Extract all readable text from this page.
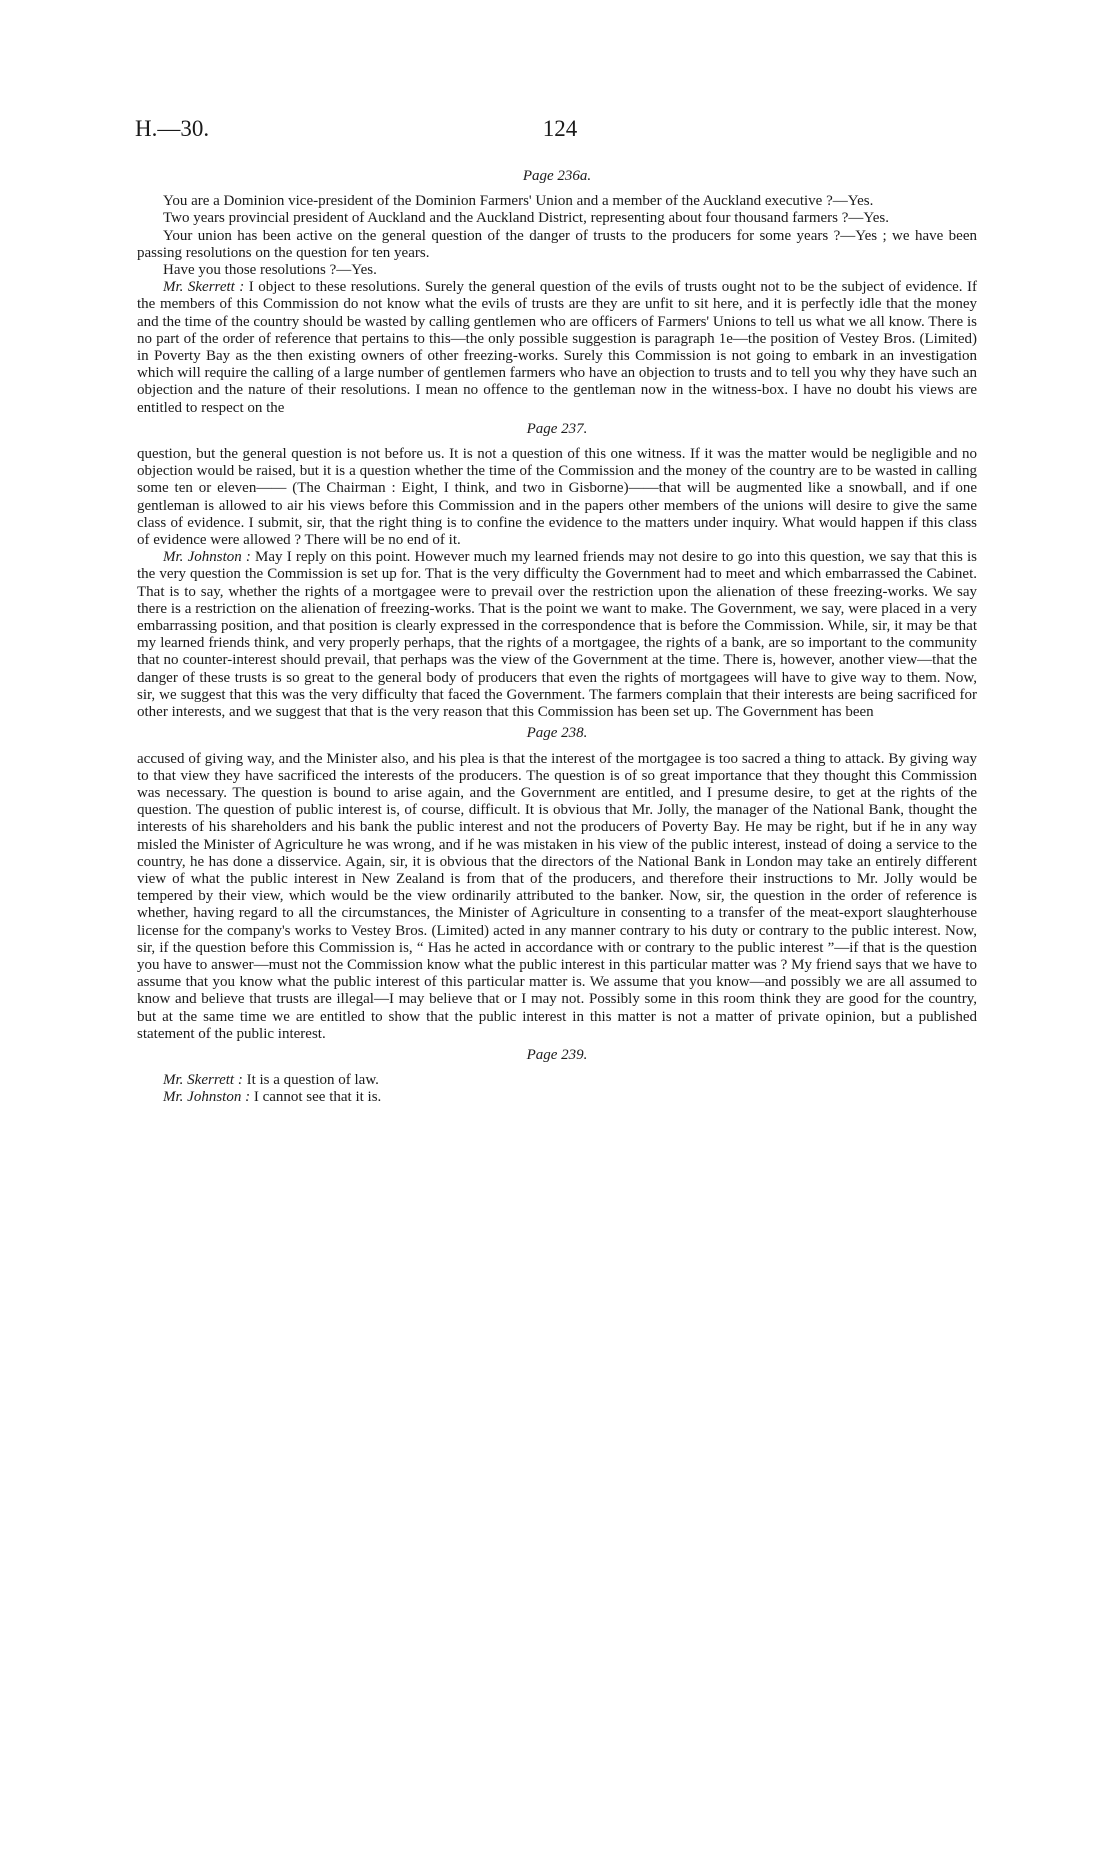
H.—30.	124
Page 236a.

You are a Dominion vice-president of the Dominion Farmers' Union and a member of the Auckland executive ?—Yes.

Two years provincial president of Auckland and the Auckland District, representing about four thousand farmers ?—Yes.

Your union has been active on the general question of the danger of trusts to the producers for some years ?—Yes ; we have been passing resolutions on the question for ten years.

Have you those resolutions ?—Yes.

Mr. Skerrett : I object to these resolutions. Surely the general question of the evils of trusts ought not to be the subject of evidence. If the members of this Commission do not know what the evils of trusts are they are unfit to sit here, and it is perfectly idle that the money and the time of the country should be wasted by calling gentlemen who are officers of Farmers' Unions to tell us what we all know. There is no part of the order of reference that pertains to this—the only possible suggestion is paragraph 1e—the position of Vestey Bros. (Limited) in Poverty Bay as the then existing owners of other freezing-works. Surely this Commission is not going to embark in an investigation which will require the calling of a large number of gentlemen farmers who have an objection to trusts and to tell you why they have such an objection and the nature of their resolutions. I mean no offence to the gentleman now in the witness-box. I have no doubt his views are entitled to respect on the

Page 237.

question, but the general question is not before us. It is not a question of this one witness. If it was the matter would be negligible and no objection would be raised, but it is a question whether the time of the Commission and the money of the country are to be wasted in calling some ten or eleven—— (The Chairman : Eight, I think, and two in Gisborne)——that will be augmented like a snowball, and if one gentleman is allowed to air his views before this Commission and in the papers other members of the unions will desire to give the same class of evidence. I submit, sir, that the right thing is to confine the evidence to the matters under inquiry. What would happen if this class of evidence were allowed ? There will be no end of it.

Mr. Johnston : May I reply on this point. However much my learned friends may not desire to go into this question, we say that this is the very question the Commission is set up for. That is the very difficulty the Government had to meet and which embarrassed the Cabinet. That is to say, whether the rights of a mortgagee were to prevail over the restriction upon the alienation of these freezing-works. We say there is a restriction on the alienation of freezing-works. That is the point we want to make. The Government, we say, were placed in a very embarrassing position, and that position is clearly expressed in the correspondence that is before the Commission. While, sir, it may be that my learned friends think, and very properly perhaps, that the rights of a mortgagee, the rights of a bank, are so important to the community that no counter-interest should prevail, that perhaps was the view of the Government at the time. There is, however, another view—that the danger of these trusts is so great to the general body of producers that even the rights of mortgagees will have to give way to them. Now, sir, we suggest that this was the very difficulty that faced the Government. The farmers complain that their interests are being sacrificed for other interests, and we suggest that that is the very reason that this Commission has been set up. The Government has been

Page 238.

accused of giving way, and the Minister also, and his plea is that the interest of the mortgagee is too sacred a thing to attack. By giving way to that view they have sacrificed the interests of the producers. The question is of so great importance that they thought this Commission was necessary. The question is bound to arise again, and the Government are entitled, and I presume desire, to get at the rights of the question. The question of public interest is, of course, difficult. It is obvious that Mr. Jolly, the manager of the National Bank, thought the interests of his shareholders and his bank the public interest and not the producers of Poverty Bay. He may be right, but if he in any way misled the Minister of Agriculture he was wrong, and if he was mistaken in his view of the public interest, instead of doing a service to the country, he has done a disservice. Again, sir, it is obvious that the directors of the National Bank in London may take an entirely different view of what the public interest in New Zealand is from that of the producers, and therefore their instructions to Mr. Jolly would be tempered by their view, which would be the view ordinarily attributed to the banker. Now, sir, the question in the order of reference is whether, having regard to all the circumstances, the Minister of Agriculture in consenting to a transfer of the meat-export slaughterhouse license for the company's works to Vestey Bros. (Limited) acted in any manner contrary to his duty or contrary to the public interest. Now, sir, if the question before this Commission is, “ Has he acted in accordance with or contrary to the public interest ”—if that is the question you have to answer—must not the Commission know what the public interest in this particular matter was ? My friend says that we have to assume that you know what the public interest of this particular matter is. We assume that you know—and possibly we are all assumed to know and believe that trusts are illegal—I may believe that or I may not. Possibly some in this room think they are good for the country, but at the same time we are entitled to show that the public interest in this matter is not a matter of private opinion, but a published statement of the public interest.

Page 239.

Mr. Skerrett : It is a question of law.

Mr. Johnston : I cannot see that it is.
